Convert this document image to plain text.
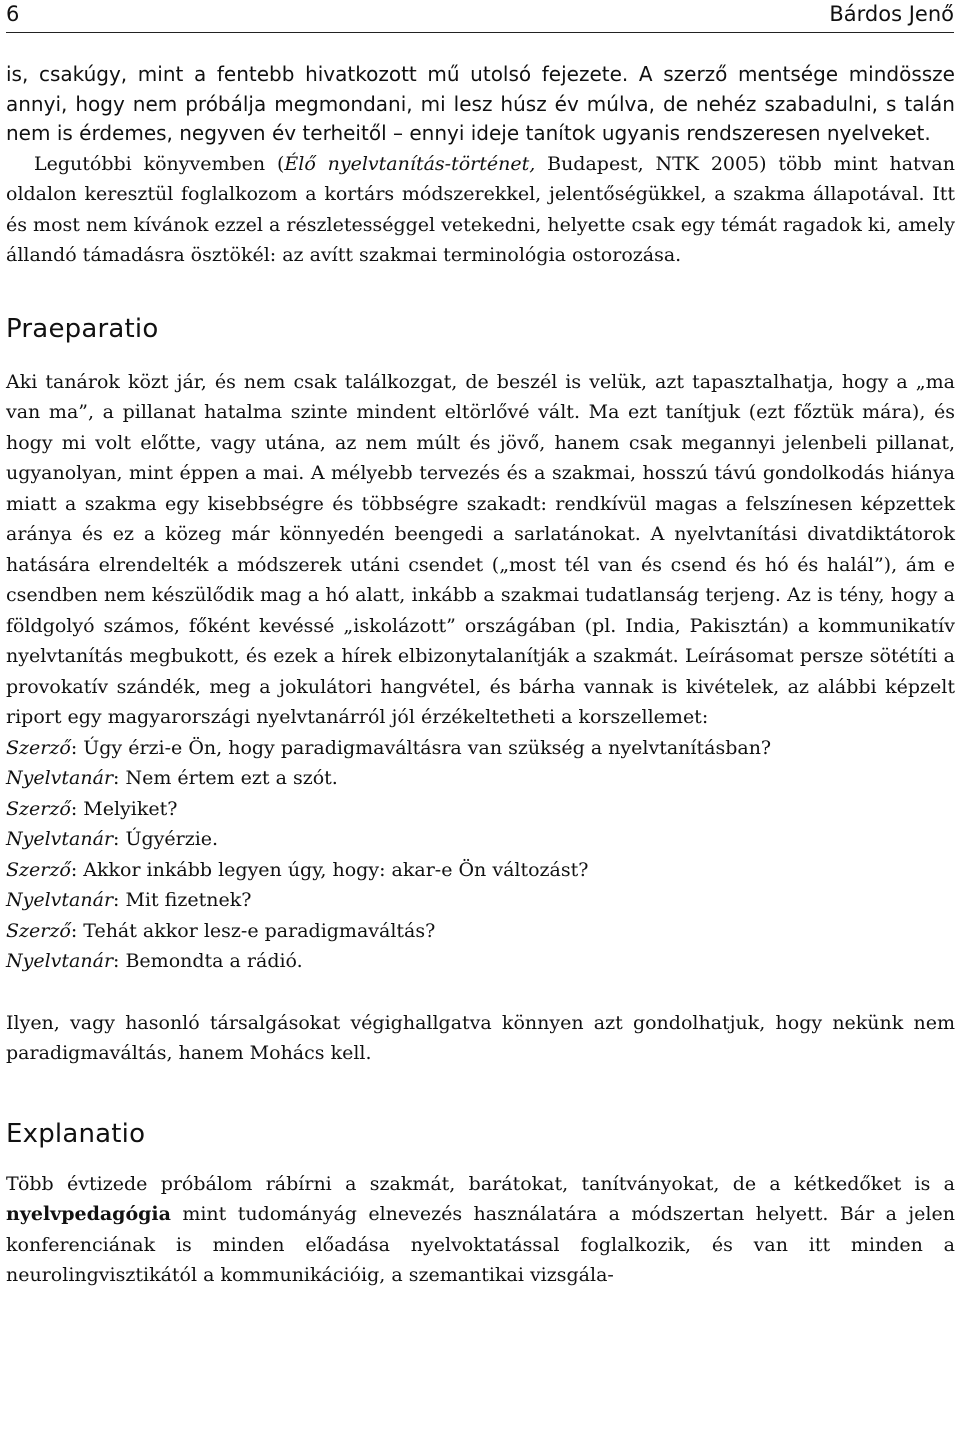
6	Bárdos Jenő

is, csakúgy, mint a fentebb hivatkozott mű utolsó fejezete. A szerző mentsége mindössze annyi, hogy nem próbálja megmondani, mi lesz húsz év múlva, de nehéz szabadulni, s talán nem is érdemes, negyven év terheitől – ennyi ideje tanítok ugyanis rendszeresen nyelveket.

Legutóbbi könyvemben (Élő nyelvtanítás-történet, Budapest, NTK 2005) több mint hatvan oldalon keresztül foglalkozom a kortárs módszerekkel, jelentőségükkel, a szakma állapotával. Itt és most nem kívánok ezzel a részletességgel vetekedni, helyette csak egy témát ragadok ki, amely állandó támadásra ösztökél: az avítt szakmai terminológia ostorozása.

Praeparatio

Aki tanárok közt jár, és nem csak találkozgat, de beszél is velük, azt tapasztalhatja, hogy a „ma van ma”, a pillanat hatalma szinte mindent eltörlővé vált. Ma ezt tanítjuk (ezt főztük mára), és hogy mi volt előtte, vagy utána, az nem múlt és jövő, hanem csak megannyi jelenbeli pillanat, ugyanolyan, mint éppen a mai. A mélyebb tervezés és a szakmai, hosszú távú gondolkodás hiánya miatt a szakma egy kisebbségre és többségre szakadt: rendkívül magas a felszínesen képzettek aránya és ez a közeg már könnyedén beengedi a sarlatánokat. A nyelvtanítási divatdiktátorok hatására elrendelték a módszerek utáni csendet („most tél van és csend és hó és halál”), ám e csendben nem készülődik mag a hó alatt, inkább a szakmai tudatlanság terjeng. Az is tény, hogy a földgolyó számos, főként kevéssé „iskolázott” országában (pl. India, Pakisztán) a kommunikatív nyelvtanítás megbukott, és ezek a hírek elbizonytalanítják a szakmát. Leírásomat persze sötétíti a provokatív szándék, meg a jokulátori hangvétel, és bárha vannak is kivételek, az alábbi képzelt riport egy magyarországi nyelvtanárról jól érzékeltetheti a korszellemet:

Szerző: Úgy érzi-e Ön, hogy paradigmaváltásra van szükség a nyelvtanításban?

Nyelvtanár: Nem értem ezt a szót.

Szerző: Melyiket?

Nyelvtanár: Úgyérzie.

Szerző: Akkor inkább legyen úgy, hogy: akar-e Ön változást?

Nyelvtanár: Mit fizetnek?

Szerző: Tehát akkor lesz-e paradigmaváltás?

Nyelvtanár: Bemondta a rádió.

Ilyen, vagy hasonló társalgásokat végighallgatva könnyen azt gondolhatjuk, hogy nekünk nem paradigmaváltás, hanem Mohács kell.

Explanatio

Több évtizede próbálom rábírni a szakmát, barátokat, tanítványokat, de a kétkedőket is a nyelvpedagógia mint tudományág elnevezés használatára a módszertan helyett. Bár a jelen konferenciának is minden előadása nyelvoktatással foglalkozik, és van itt minden a neurolingvisztikától a kommunikációig, a szemantikai vizsgála-
